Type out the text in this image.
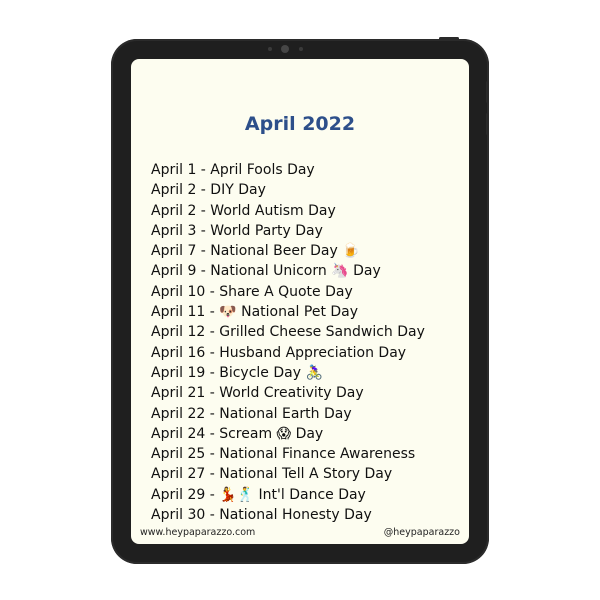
April 2022
April 1 - April Fools Day
April 2 - DIY Day
April 2 - World Autism Day
April 3 - World Party Day
April 7 - National Beer Day 🍺
April 9 - National Unicorn 🦄 Day
April 10 - Share A Quote Day
April 11 - 🐶 National Pet Day
April 12 - Grilled Cheese Sandwich Day
April 16 - Husband Appreciation Day
April 19 - Bicycle Day 🚴‍♀️
April 21 - World Creativity Day
April 22 - National Earth Day
April 24 - Scream 😱 Day
April 25 - National Finance Awareness
April 27 - National Tell A Story Day
April 29 - 💃🕺 Int'l Dance Day
April 30 - National Honesty Day
www.heypaparazzo.com	@heypaparazzo
